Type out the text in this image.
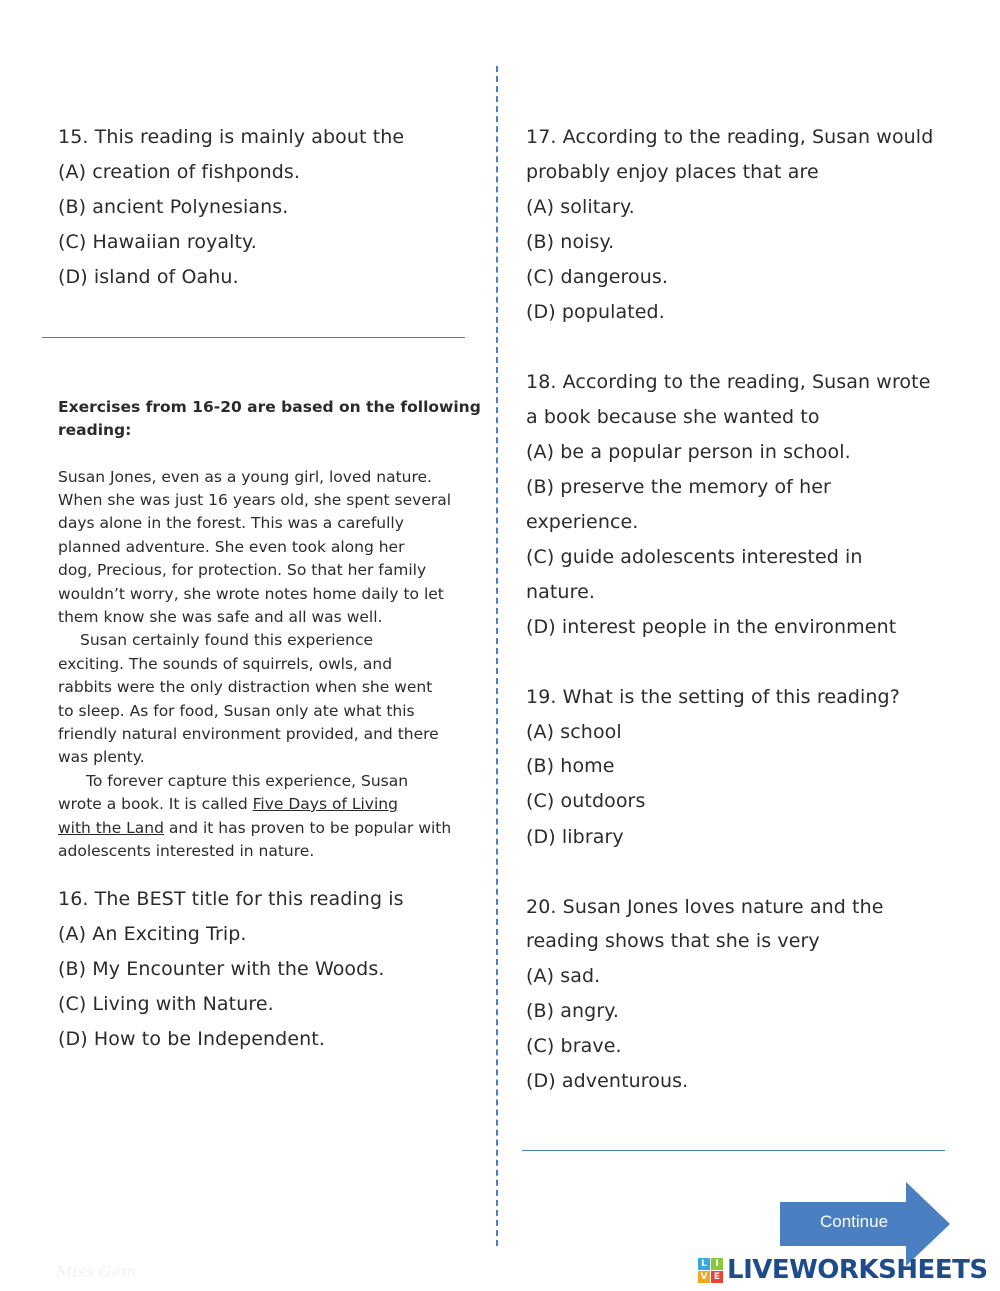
15. This reading is mainly about the
(A) creation of fishponds.
(B) ancient Polynesians.
(C) Hawaiian royalty.
(D) island of Oahu.
Exercises from 16-20 are based on the following
reading:
Susan Jones, even as a young girl, loved nature.
When she was just 16 years old, she spent several
days alone in the forest. This was a carefully
planned adventure. She even took along her
dog, Precious, for protection. So that her family
wouldn’t worry, she wrote notes home daily to let
them know she was safe and all was well.
Susan certainly found this experience
exciting. The sounds of squirrels, owls, and
rabbits were the only distraction when she went
to sleep. As for food, Susan only ate what this
friendly natural environment provided, and there
was plenty.
To forever capture this experience, Susan
wrote a book. It is called Five Days of Living
with the Land and it has proven to be popular with
adolescents interested in nature.
16. The BEST title for this reading is
(A) An Exciting Trip.
(B) My Encounter with the Woods.
(C) Living with Nature.
(D) How to be Independent.
17. According to the reading, Susan would
probably enjoy places that are
(A) solitary.
(B) noisy.
(C) dangerous.
(D) populated.
18. According to the reading, Susan wrote
a book because she wanted to
(A) be a popular person in school.
(B) preserve the memory of her
experience.
(C) guide adolescents interested in
nature.
(D) interest people in the environment
19. What is the setting of this reading?
(A) school
(B) home
(C) outdoors
(D) library
20. Susan Jones loves nature and the
reading shows that she is very
(A) sad.
(B) angry.
(C) brave.
(D) adventurous.
Continue
Miss Gem	L I
V E LIVEWORKSHEETS
